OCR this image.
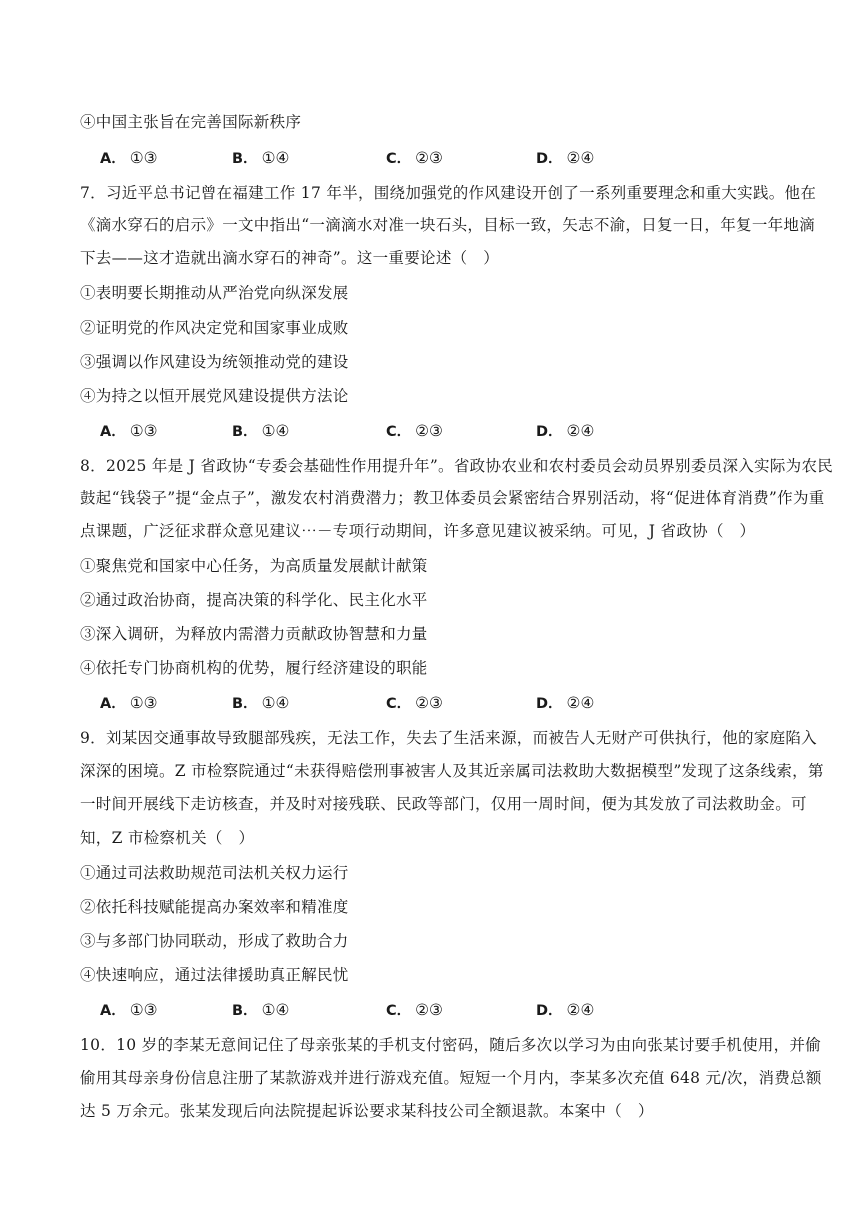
④中国主张旨在完善国际新秩序
A． ①③	B． ①④	C． ②③	D． ②④
7．习近平总书记曾在福建工作 17 年半，围绕加强党的作风建设开创了一系列重要理念和重大实践。他在
《滴水穿石的启示》一文中指出“一滴滴水对准一块石头，目标一致，矢志不渝，日复一日，年复一年地滴
下去——这才造就出滴水穿石的神奇”。这一重要论述（　）
①表明要长期推动从严治党向纵深发展
②证明党的作风决定党和国家事业成败
③强调以作风建设为统领推动党的建设
④为持之以恒开展党风建设提供方法论
A． ①③	B． ①④	C． ②③	D． ②④
8．2025 年是 J 省政协“专委会基础性作用提升年”。省政协农业和农村委员会动员界别委员深入实际为农民
鼓起“钱袋子”提“金点子”，激发农村消费潜力；教卫体委员会紧密结合界别活动，将“促进体育消费”作为重
点课题，广泛征求群众意见建议⋯－专项行动期间，许多意见建议被采纳。可见，J 省政协（　）
①聚焦党和国家中心任务，为高质量发展献计献策
②通过政治协商，提高决策的科学化、民主化水平
③深入调研，为释放内需潜力贡献政协智慧和力量
④依托专门协商机构的优势，履行经济建设的职能
A． ①③	B． ①④	C． ②③	D． ②④
9．刘某因交通事故导致腿部残疾，无法工作，失去了生活来源，而被告人无财产可供执行，他的家庭陷入
深深的困境。Z 市检察院通过“未获得赔偿刑事被害人及其近亲属司法救助大数据模型”发现了这条线索，第
一时间开展线下走访核查，并及时对接残联、民政等部门，仅用一周时间，便为其发放了司法救助金。可
知，Z 市检察机关（　）
①通过司法救助规范司法机关权力运行
②依托科技赋能提高办案效率和精准度
③与多部门协同联动，形成了救助合力
④快速响应，通过法律援助真正解民忧
A． ①③	B． ①④	C． ②③	D． ②④
10．10 岁的李某无意间记住了母亲张某的手机支付密码，随后多次以学习为由向张某讨要手机使用，并偷
偷用其母亲身份信息注册了某款游戏并进行游戏充值。短短一个月内，李某多次充值 648 元/次，消费总额
达 5 万余元。张某发现后向法院提起诉讼要求某科技公司全额退款。本案中（　）
